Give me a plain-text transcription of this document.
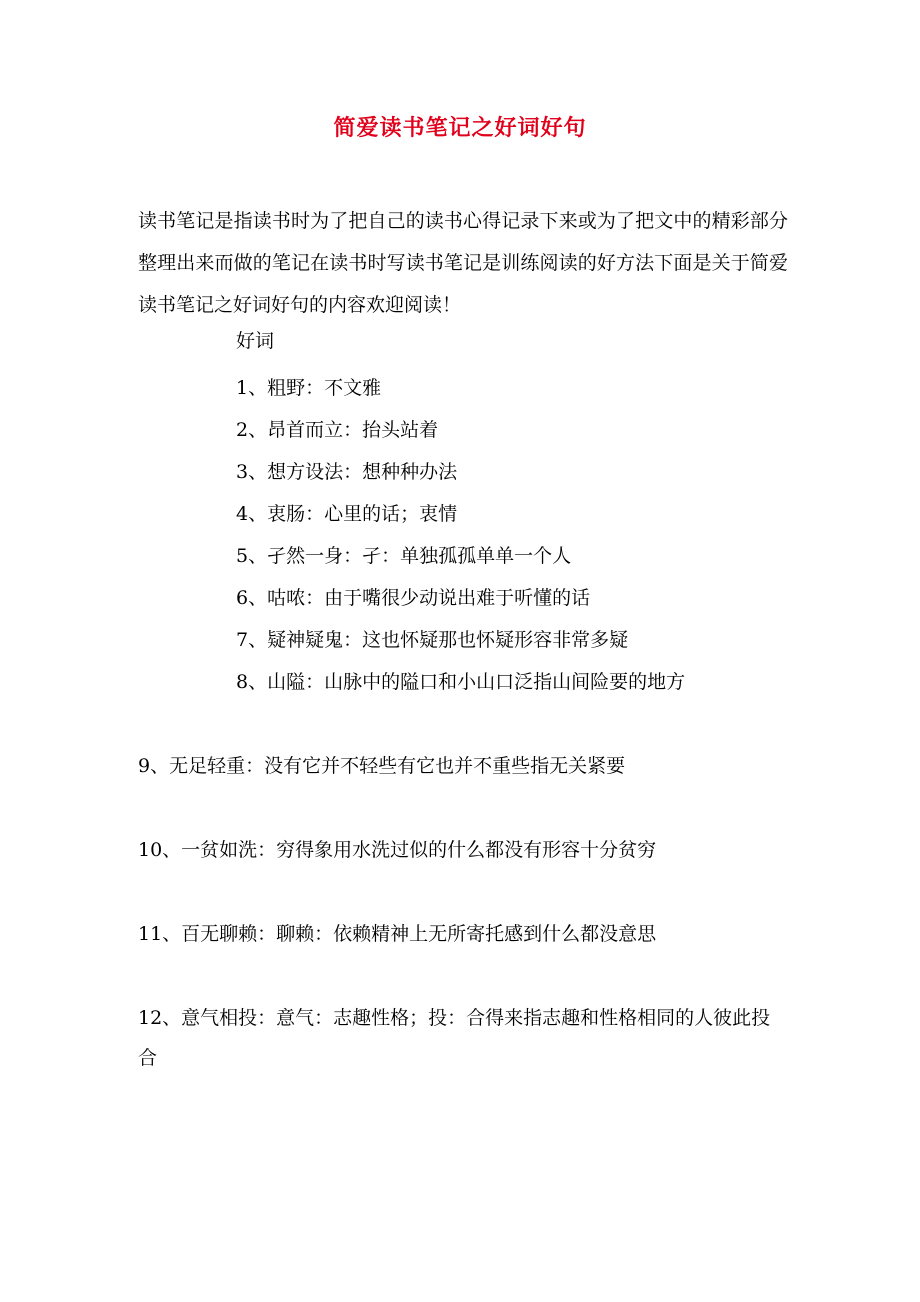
简爱读书笔记之好词好句

读书笔记是指读书时为了把自己的读书心得记录下来或为了把文中的精彩部分整理出来而做的笔记在读书时写读书笔记是训练阅读的好方法下面是关于简爱读书笔记之好词好句的内容欢迎阅读！

好词
1、粗野：不文雅
2、昂首而立：抬头站着
3、想方设法：想种种办法
4、衷肠：心里的话；衷情
5、孑然一身：孑：单独孤孤单单一个人
6、咕哝：由于嘴很少动说出难于听懂的话
7、疑神疑鬼：这也怀疑那也怀疑形容非常多疑
8、山隘：山脉中的隘口和小山口泛指山间险要的地方
9、无足轻重：没有它并不轻些有它也并不重些指无关紧要
10、一贫如洗：穷得象用水洗过似的什么都没有形容十分贫穷
11、百无聊赖：聊赖：依赖精神上无所寄托感到什么都没意思
12、意气相投：意气：志趣性格；投：合得来指志趣和性格相同的人彼此投合
